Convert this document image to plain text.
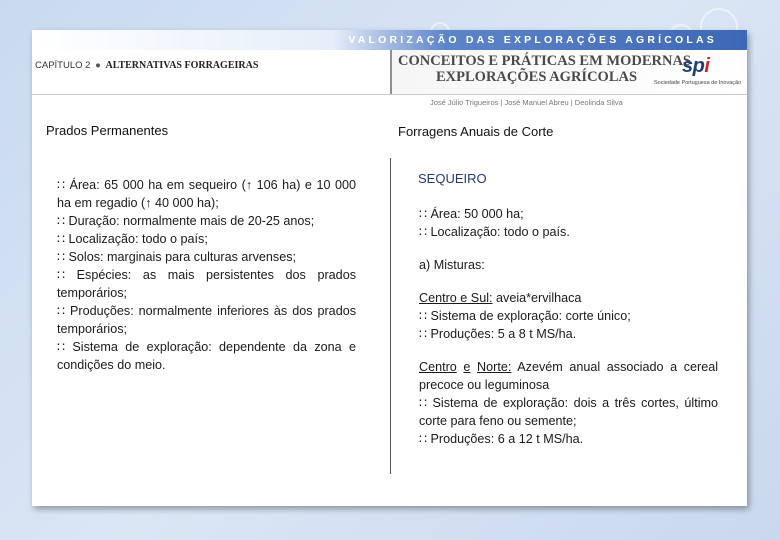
VALORIZAÇÃO DAS EXPLORAÇÕES AGRÍCOLAS
CAPÍTULO 2 ● ALTERNATIVAS FORRAGEIRAS	CONCEITOS E PRÁTICAS EM MODERNAS
EXPLORAÇÕES AGRÍCOLAS	spi
Sociedade Portuguesa de Inovação
José Júlio Trigueiros | José Manuel Abreu | Deolinda Silva
Prados Permanentes	Forragens Anuais de Corte

∷ Área: 65 000 ha em sequeiro (↑ 106 ha) e 10 000 ha em regadio (↑ 40 000 ha);

∷ Duração: normalmente mais de 20-25 anos;

∷ Localização: todo o país;

∷ Solos: marginais para culturas arvenses;

∷ Espécies: as mais persistentes dos prados temporários;

∷ Produções: normalmente inferiores às dos prados temporários;

∷ Sistema de exploração: dependente da zona e condições do meio.

SEQUEIRO

∷ Área: 50 000 ha;

∷ Localização: todo o país.

a) Misturas:

Centro e Sul: aveia*ervilhaca

∷ Sistema de exploração: corte único;

∷ Produções: 5 a 8 t MS/ha.

Centro e Norte: Azevém anual associado a cereal precoce ou leguminosa

∷ Sistema de exploração: dois a três cortes, último corte para feno ou semente;

∷ Produções: 6 a 12 t MS/ha.
